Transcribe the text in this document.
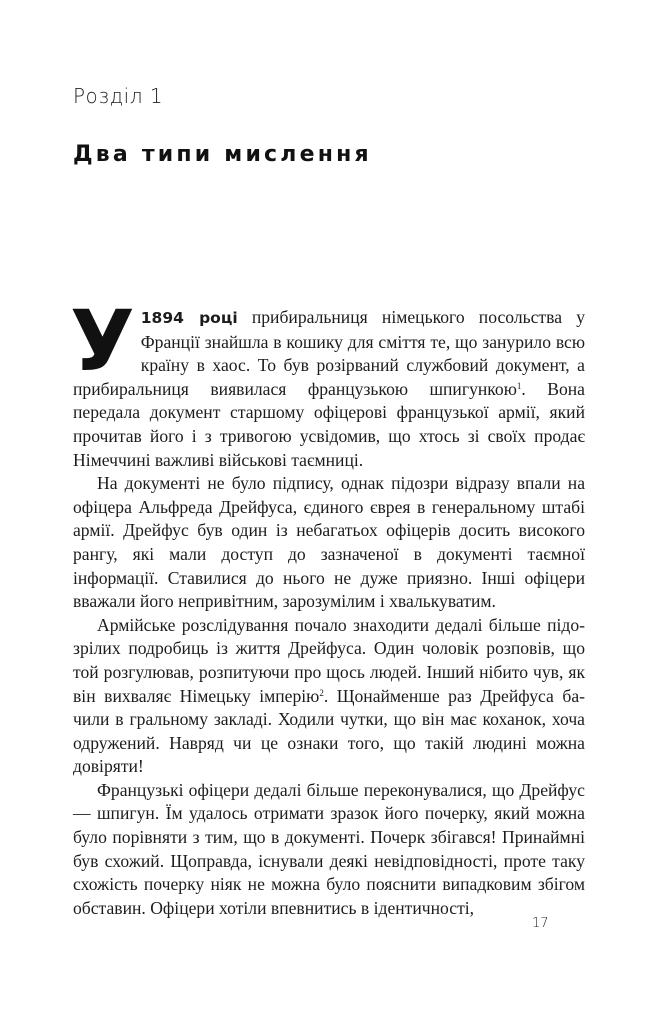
Розділ 1
Два типи мислення

У 1894 році прибиральниця німецького посольства у Франції знайшла в кошику для сміття те, що занурило всю країну в хаос. То був розірваний службовий документ, а прибиральниця виявилася французькою шпигункою$^1$. Вона передала документ старшому офіцерові французької армії, який прочитав його і з тривогою усвідомив, що хтось зі своїх продає Німеччині важливі військові таємниці.

На документі не було підпису, однак підозри відразу впали на офіцера Альфреда Дрейфуса, єдиного єврея в генеральному штабі армії. Дрейфус був один із небагатьох офіцерів досить високого рангу, які мали доступ до зазначеної в документі таємної інформації. Ставилися до нього не дуже приязно. Інші офіцери вважали його непривітним, зарозумілим і хвалькуватим.

Армійське розслідування почало знаходити дедалі більше підозрілих подробиць із життя Дрейфуса. Один чоловік розповів, що той розгулював, розпитуючи про щось людей. Інший нібито чув, як він вихваляє Німецьку імперію$^2$. Щонайменше раз Дрейфуса бачили в гральному закладі. Ходили чутки, що він має коханок, хоча одружений. Навряд чи це ознаки того, що такій людині можна довіряти!

Французькі офіцери дедалі більше переконувалися, що Дрейфус — шпигун. Їм удалось отримати зразок його почерку, який можна було порівняти з тим, що в документі. Почерк збігався! Принаймні був схожий. Щоправда, існували деякі невідповідності, проте таку схожість почерку ніяк не можна було пояснити випадковим збігом обставин. Офіцери хотіли впевнитись в ідентичності,

17
